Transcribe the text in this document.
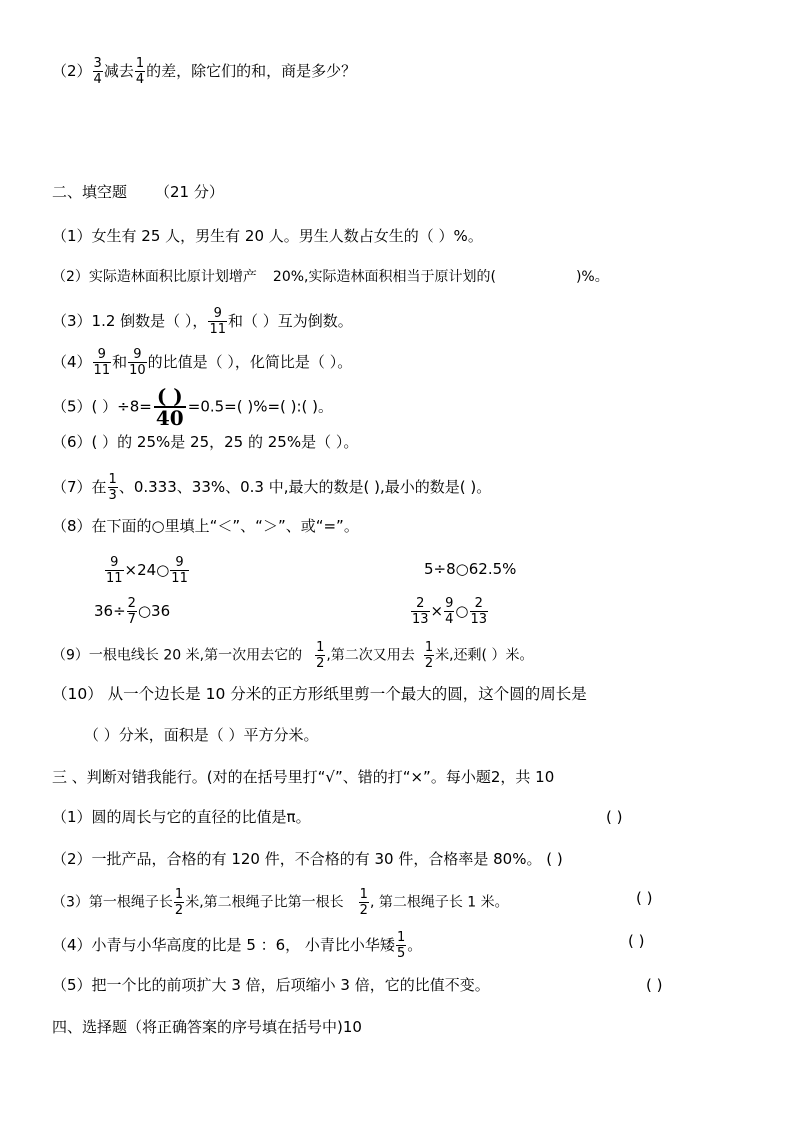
$(2) \frac{3}{4}$ 减去 $\frac{1}{4}$ 的差，除它们的和，商是多少？
二、填空题 （21 分）
（1）女生有 25 人，男生有 20 人。男生人数占女生的（ ）%。
（2）实际造林面积比原计划增产 20%,实际造林面积相当于原计划的(	)%。
（3）1.2 倒数是（ ）， $\frac{9}{11}$ 和（ ）互为倒数。
$(4) \frac{9}{11}$ 和 $\frac{9}{10}$ 的比值是（ ），化简比是（ ）。
（5）( ）÷8= ( )
40 =0.5=( )%=( ):( )。
（6）( ）的 25%是 25，25 的 25%是（ ）。
（7）在 $\frac{1}{3}$ 、0.333、33%、0.3 中,最大的数是( ),最小的数是( )。
（8）在下面的○里填上“＜”、“＞”、或“=”。
$\frac{9}{11}$ ×24○ $\frac{9}{11}$	5÷8○62.5%
$36\div \frac{2}{7}$ ○36	$\frac{2}{13} \times \frac{9}{4}$ ○ $\frac{2}{13}$
（9）一根电线长 20 米,第一次用去它的 $\frac{1}{2}$ ,第二次又用去 $\frac{1}{2}$ 米,还剩( ）米。
（10） 从一个边长是 10 分米的正方形纸里剪一个最大的圆，这个圆的周长是
（ ）分米，面积是（ ）平方分米。
三 、判断对错我能行。(对的在括号里打“√”、错的打“×”。每小题2，共 10
（1）圆的周长与它的直径的比值是π。	( )
（2）一批产品，合格的有 120 件，不合格的有 30 件，合格率是 80%。 ( )
（3）第一根绳子长 $\frac{1}{2}$ 米,第二根绳子比第一根长 $\frac{1}{2}$ , 第二根绳子长 1 米。	( )
（4）小青与小华高度的比是 5 ：6， 小青比小华矮 $\frac{1}{5}$ 。	( )
（5）把一个比的前项扩大 3 倍，后项缩小 3 倍，它的比值不变。	( )
四、选择题（将正确答案的序号填在括号中)10
